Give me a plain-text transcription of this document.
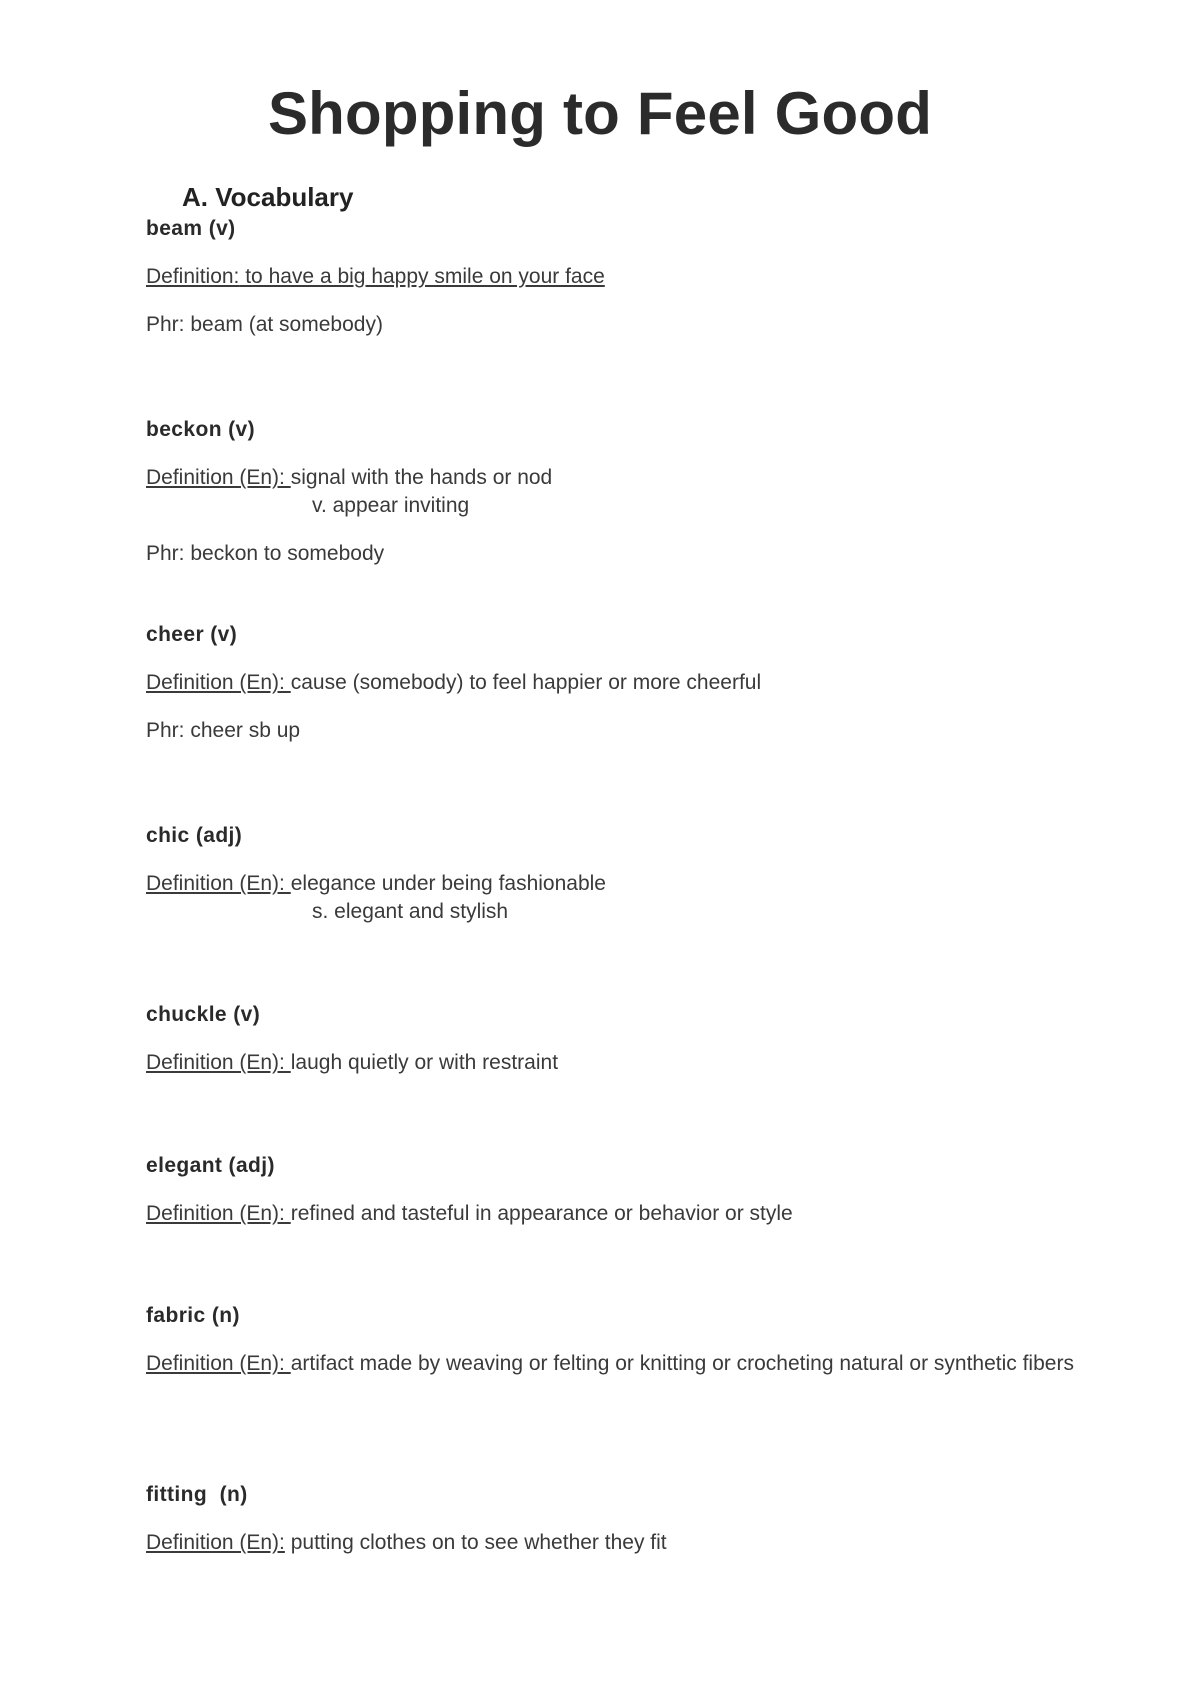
Shopping to Feel Good
A. Vocabulary
beam (v)
Definition: to have a big happy smile on your face
Phr: beam (at somebody)
beckon (v)
Definition (En): signal with the hands or nod
v. appear inviting
Phr: beckon to somebody
cheer (v)
Definition (En): cause (somebody) to feel happier or more cheerful
Phr: cheer sb up
chic (adj)
Definition (En): elegance under being fashionable
s. elegant and stylish
chuckle (v)
Definition (En): laugh quietly or with restraint
elegant (adj)
Definition (En): refined and tasteful in appearance or behavior or style
fabric (n)
Definition (En): artifact made by weaving or felting or knitting or crocheting natural or synthetic fibers
fitting  (n)
Definition (En): putting clothes on to see whether they fit
